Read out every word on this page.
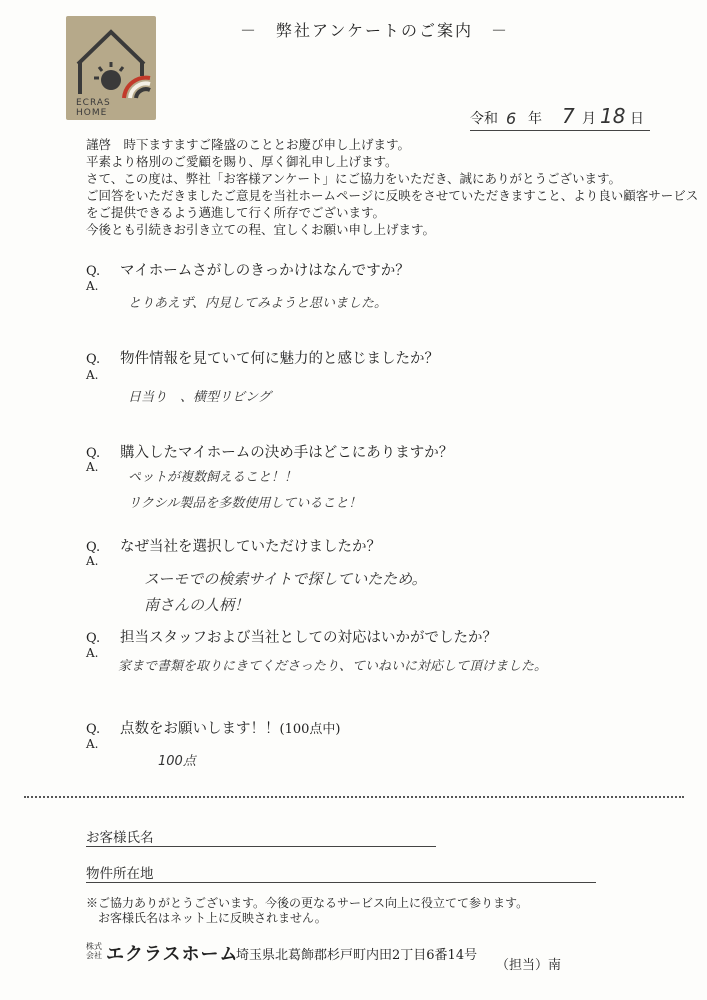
ECRAS
HOME
－　弊社アンケートのご案内　－
令和 6 年 7 月 18 日
謹啓　時下ますますご隆盛のこととお慶び申し上げます。
平素より格別のご愛顧を賜り、厚く御礼申し上げます。
さて、この度は、弊社「お客様アンケート」にご協力をいただき、誠にありがとうございます。
ご回答をいただきましたご意見を当社ホームページに反映をさせていただきますこと、より良い顧客サービス
をご提供できるよう邁進して行く所存でございます。
今後とも引続きお引き立ての程、宜しくお願い申し上げます。
Q. マイホームさがしのきっかけはなんですか？
A.
とりあえず、内見してみようと思いました。
Q. 物件情報を見ていて何に魅力的と感じましたか？
A.
日当り　、横型リビング
Q. 購入したマイホームの決め手はどこにありますか？
A.
ペットが複数飼えること！！
リクシル製品を多数使用していること！
Q. なぜ当社を選択していただけましたか？
A.
スーモでの検索サイトで探していたため。
南さんの人柄！
Q. 担当スタッフおよび当社としての対応はいかがでしたか？
A.
家まで書類を取りにきてくださったり、ていねいに対応して頂けました。
Q. 点数をお願いします！！(100点中)
A.
100点
お客様氏名
物件所在地
※ご協力ありがとうございます。今後の更なるサービス向上に役立てて参ります。
お客様氏名はネット上に反映されません。
株式会社 エクラスホーム
埼玉県北葛飾郡杉戸町内田2丁目6番14号
（担当）南
